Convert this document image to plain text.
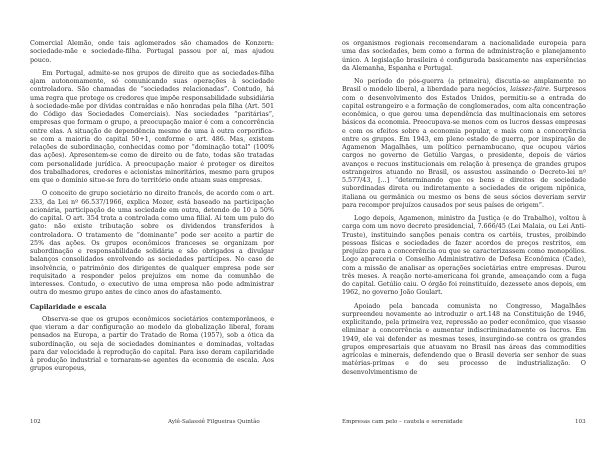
Comercial Alemão, onde tais aglomerados são chamados de Konzern: sociedade-mãe e sociedade-filha. Portugal passou por aí, mas ajudou pouco.

Em Portugal, admite-se nos grupos de direito que as sociedades-filha ajam autonomamente, só comunicando suas operações à sociedade controladora. São chamadas de “sociedades relacionadas”. Contudo, há uma regra que protege os credores que impõe responsabilidade subsidiária à sociedade-mãe por dívidas contraídas e não honradas pela filha (Art. 501 do Código das Sociedades Comerciais). Nas sociedades “paritárias”, empresas que formam o grupo, a preocupação maior é com a concorrência entre elas. A situação de dependência mesmo de uma à outra corporifica-se com a maioria do capital 50+1, conforme o art. 486. Mas, existem relações de subordinação, conhecidas como por “dominação total” (100% das ações). Apresentem-se como de direito ou de fato, todas são tratadas com personalidade jurídica. A preocupação maior é proteger os direitos dos trabalhadores, credores e acionistas minoritários, mesmo para grupos em que o domínio situe-se fora do território onde atuam suas empresas.

O conceito de grupo societário no direito francês, de acordo com o art. 233, da Lei nº 66.537/1966, explica Mozer, está baseado na participação acionária, participação de uma sociedade em outra, detendo de 10 a 50% do capital. O art. 354 trata a controlada como uma filial. Aí tem um pulo do gato: não existe tributação sobre os dividendos transferidos à controladora. O tratamento de “dominante” pode ser aceito a partir de 25% das ações. Os grupos econômicos franceses se organizam por subordinação e responsabilidade solidária e são obrigados a divulgar balanços consolidados envolvendo as sociedades partícipes. No caso de insolvência, o patrimônio dos dirigentes de qualquer empresa pode ser requisitado a responder pelos prejuízos em nome da comunhão de interesses. Contudo, o executivo de uma empresa não pode administrar outra do mesmo grupo antes de cinco anos do afastamento.

Capilaridade e escala

Observa-se que os grupos econômicos societários contemporâneos, e que vieram a dar configuração ao modelo da globalização liberal, foram pensados na Europa, a partir do Tratado de Roma (1957), sob a ótica da subordinação, ou seja de sociedades dominantes e dominadas, voltadas para dar velocidade à reprodução do capital. Para isso deram capilaridade à produção industrial e tornaram-se agentes da economia de escala. Aos grupos europeus,

102	Aylê-Salassiê Filgueiras Quintão

os organismos regionais recomendaram a nacionalidade europeia para uma das sociedades, bem como a forma de administração e planejamento único. A legislação brasileira é configurada basicamente nas experiências da Alemanha, Espanha e Portugal.

No período do pós-guerra (a primeira), discutia-se amplamente no Brasil o modelo liberal, a liberdade para negócios, laissez-faire. Surpresos com o desenvolvimento dos Estados Unidos, permitiu-se a entrada do capital estrangeiro e a formação de conglomerados, com alta concentração econômica, o que gerou uma dependência das multinacionais em setores básicos da economia. Preocupava-se menos com os lucros dessas empresas e com os efeitos sobre a economia popular, e mais com a concorrência entre os grupos. Em 1943, em pleno estado de guerra, por inspiração de Agamenon Magalhães, um político pernambucano, que ocupou vários cargos no governo de Getúlio Vargas, o presidente, depois de vários avanços e recuos institucionais em relação à presença de grandes grupos estrangeiros atuando no Brasil, os assustou assinando o Decreto-lei nº 5.577/43, [...] “determinando que os bens e direitos de sociedade subordinadas direta ou indiretamente a sociedades de origem nipônica, italiana ou germânica ou mesmo os bens de seus sócios deveriam servir para recompor prejuízos causados por seus países de origem”.

Logo depois, Agamenon, ministro da Justiça (e do Trabalho), voltou à carga com um novo decreto presidencial, 7.666/45 (Lei Malaia, ou Lei Anti-Truste), instituindo sanções penais contra os cartéis, trustes, proibindo pessoas físicas e sociedades de fazer acordos de preços restritos, em prejuízo para a concorrência ou que se caracterizassem como monopólios. Logo apareceria o Conselho Administrativo de Defesa Econômica (Cade), com a missão de analisar as operações societárias entre empresas. Durou três meses. A reação norte-americana foi grande, ameaçando com a fuga do capital. Getúlio caiu. O órgão foi reinstituído, dezessete anos depois, em 1962, no governo João Goulart.

Apoiado pela bancada comunista no Congresso, Magalhães surpreendeu novamente ao introduzir o art.148 na Constituição de 1946, explicitando, pela primeira vez, repressão ao poder econômico, que visasse eliminar a concorrência e aumentar indiscriminadamente os lucros. Em 1949, ele vai defender as mesmas teses, insurgindo-se contra os grandes grupos empresariais que atuavam no Brasil nas áreas das commodities agrícolas e minerais, defendendo que o Brasil deveria ser senhor de suas matérias-primas e do seu processo de industrialização. O desenvolvimentismo de

Empresas cam pelo – cautela e serenidade	103
